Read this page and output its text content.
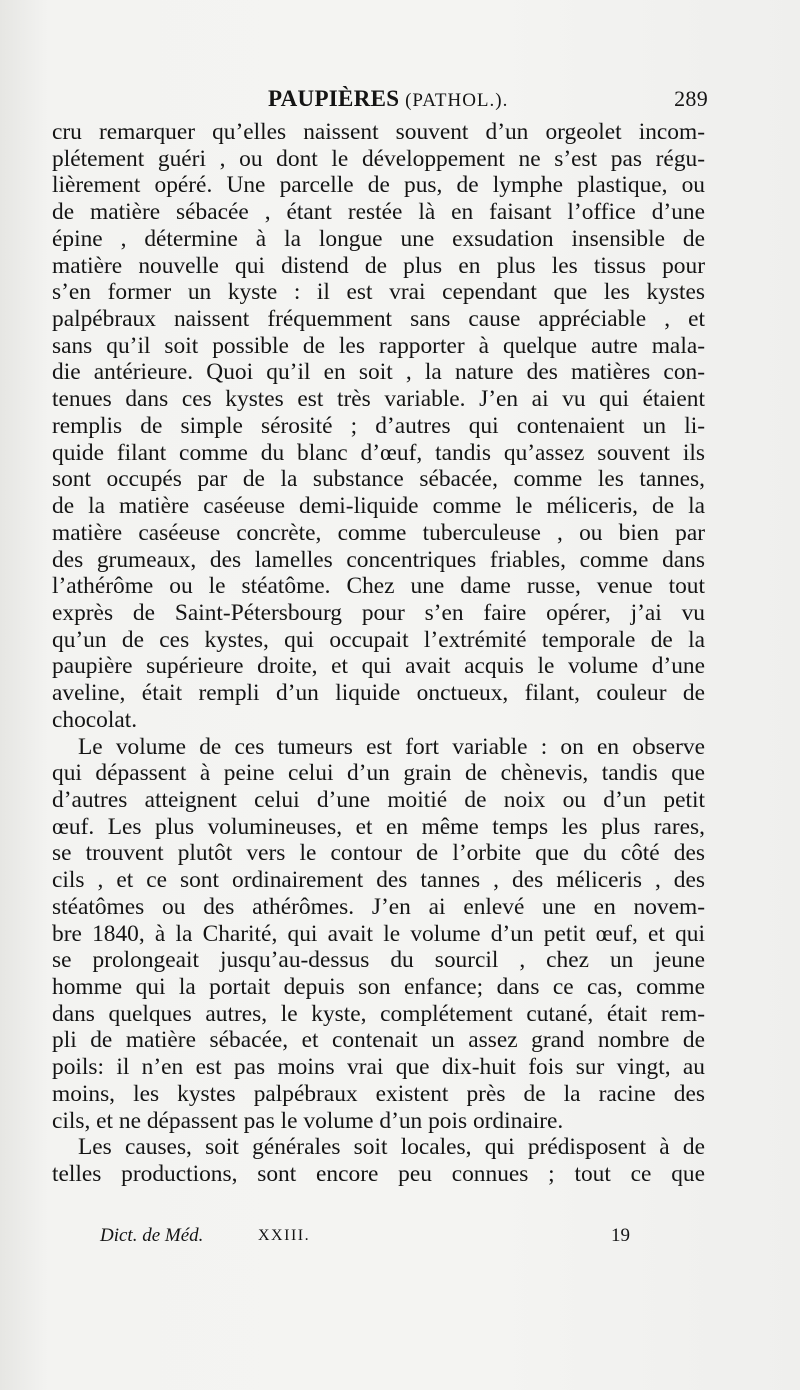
PAUPIÈRES (PATHOL.).	289
cru remarquer qu’elles naissent souvent d’un orgeolet incom-
plétement guéri , ou dont le développement ne s’est pas régu-
lièrement opéré. Une parcelle de pus, de lymphe plastique, ou
de matière sébacée , étant restée là en faisant l’office d’une
épine , détermine à la longue une exsudation insensible de
matière nouvelle qui distend de plus en plus les tissus pour
s’en former un kyste : il est vrai cependant que les kystes
palpébraux naissent fréquemment sans cause appréciable , et
sans qu’il soit possible de les rapporter à quelque autre mala-
die antérieure. Quoi qu’il en soit , la nature des matières con-
tenues dans ces kystes est très variable. J’en ai vu qui étaient
remplis de simple sérosité ; d’autres qui contenaient un li-
quide filant comme du blanc d’œuf, tandis qu’assez souvent ils
sont occupés par de la substance sébacée, comme les tannes,
de la matière caséeuse demi-liquide comme le méliceris, de la
matière caséeuse concrète, comme tuberculeuse , ou bien par
des grumeaux, des lamelles concentriques friables, comme dans
l’athérôme ou le stéatôme. Chez une dame russe, venue tout
exprès de Saint-Pétersbourg pour s’en faire opérer, j’ai vu
qu’un de ces kystes, qui occupait l’extrémité temporale de la
paupière supérieure droite, et qui avait acquis le volume d’une
aveline, était rempli d’un liquide onctueux, filant, couleur de
chocolat.
Le volume de ces tumeurs est fort variable : on en observe
qui dépassent à peine celui d’un grain de chènevis, tandis que
d’autres atteignent celui d’une moitié de noix ou d’un petit
œuf. Les plus volumineuses, et en même temps les plus rares,
se trouvent plutôt vers le contour de l’orbite que du côté des
cils , et ce sont ordinairement des tannes , des méliceris , des
stéatômes ou des athérômes. J’en ai enlevé une en novem-
bre 1840, à la Charité, qui avait le volume d’un petit œuf, et qui
se prolongeait jusqu’au-dessus du sourcil , chez un jeune
homme qui la portait depuis son enfance; dans ce cas, comme
dans quelques autres, le kyste, complétement cutané, était rem-
pli de matière sébacée, et contenait un assez grand nombre de
poils: il n’en est pas moins vrai que dix-huit fois sur vingt, au
moins, les kystes palpébraux existent près de la racine des
cils, et ne dépassent pas le volume d’un pois ordinaire.
Les causes, soit générales soit locales, qui prédisposent à de
telles productions, sont encore peu connues ; tout ce que
Dict. de Méd.	XXIII.	19
